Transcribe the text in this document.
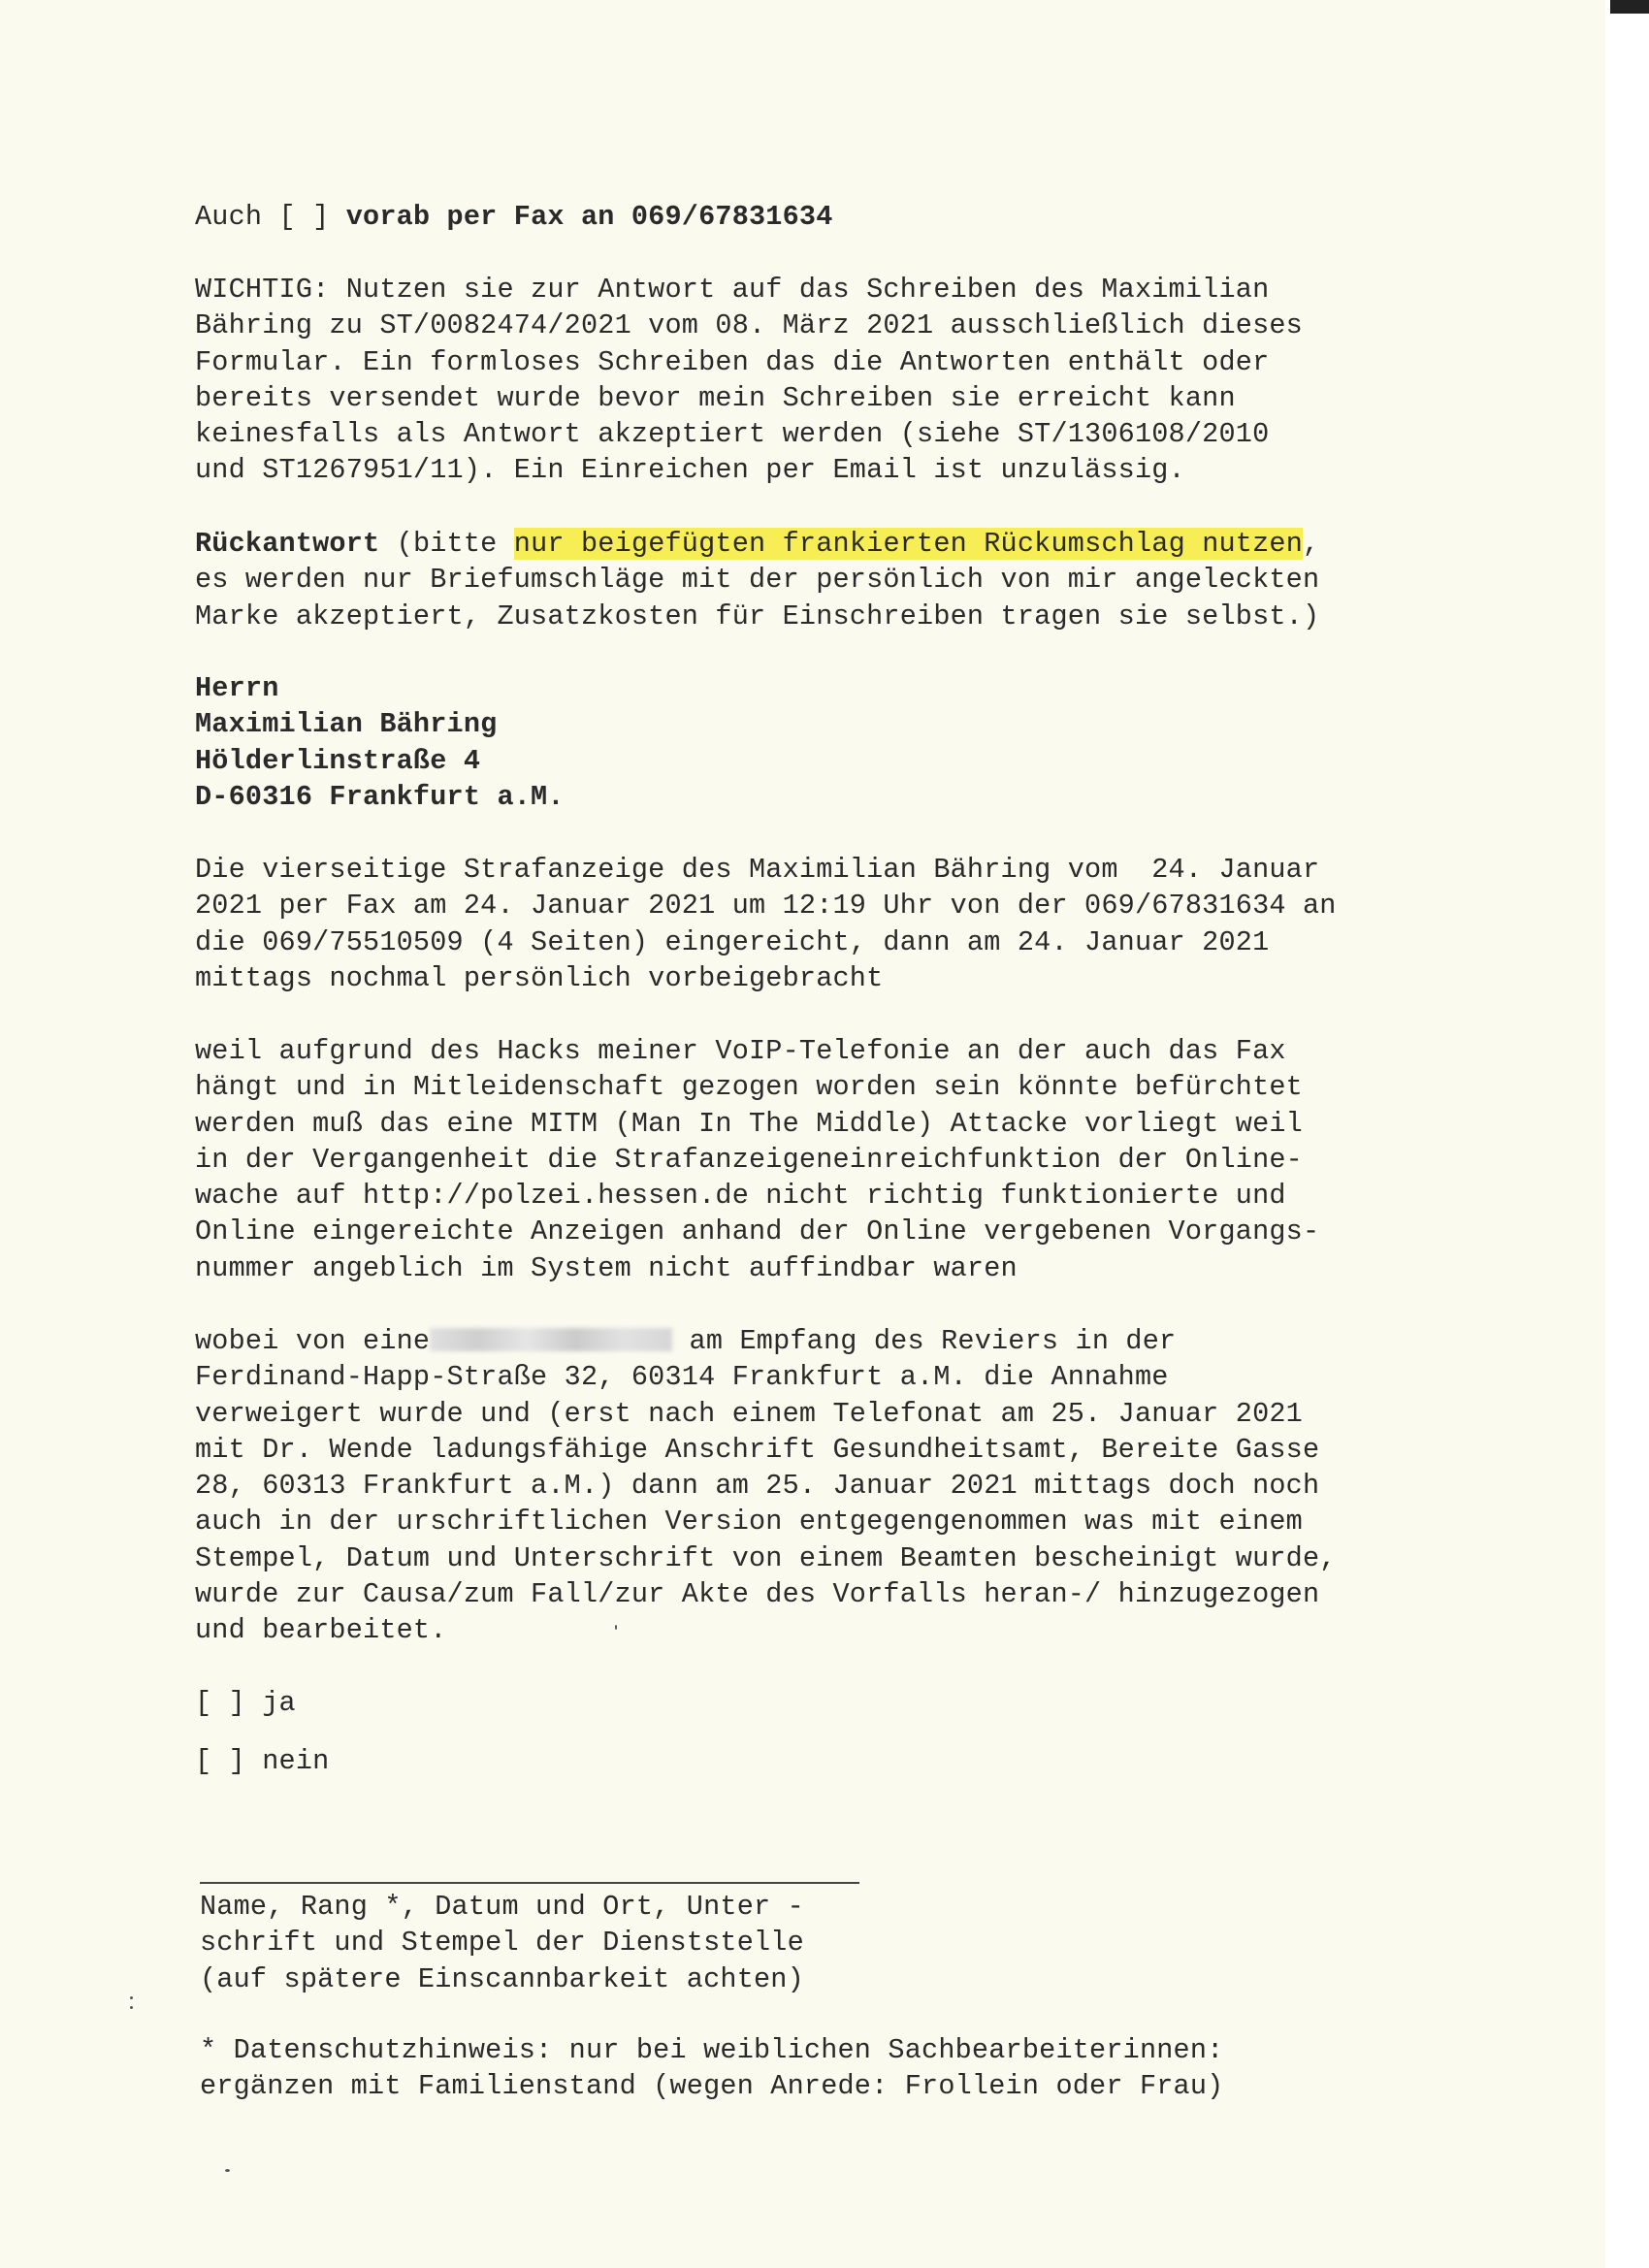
Auch [ ] vorab per Fax an 069/67831634
WICHTIG: Nutzen sie zur Antwort auf das Schreiben des Maximilian
Bähring zu ST/0082474/2021 vom 08. März 2021 ausschließlich dieses
Formular. Ein formloses Schreiben das die Antworten enthält oder
bereits versendet wurde bevor mein Schreiben sie erreicht kann
keinesfalls als Antwort akzeptiert werden (siehe ST/1306108/2010
und ST1267951/11). Ein Einreichen per Email ist unzulässig.
Rückantwort (bitte nur beigefügten frankierten Rückumschlag nutzen,
es werden nur Briefumschläge mit der persönlich von mir angeleckten
Marke akzeptiert, Zusatzkosten für Einschreiben tragen sie selbst.)
Herrn
Maximilian Bähring
Hölderlinstraße 4
D-60316 Frankfurt a.M.
Die vierseitige Strafanzeige des Maximilian Bähring vom  24. Januar
2021 per Fax am 24. Januar 2021 um 12:19 Uhr von der 069/67831634 an
die 069/75510509 (4 Seiten) eingereicht, dann am 24. Januar 2021
mittags nochmal persönlich vorbeigebracht
weil aufgrund des Hacks meiner VoIP-Telefonie an der auch das Fax
hängt und in Mitleidenschaft gezogen worden sein könnte befürchtet
werden muß das eine MITM (Man In The Middle) Attacke vorliegt weil
in der Vergangenheit die Strafanzeigeneinreichfunktion der Online-
wache auf http://polzei.hessen.de nicht richtig funktionierte und
Online eingereichte Anzeigen anhand der Online vergebenen Vorgangs-
nummer angeblich im System nicht auffindbar waren
wobei von eine	am Empfang des Reviers in der
Ferdinand-Happ-Straße 32, 60314 Frankfurt a.M. die Annahme
verweigert wurde und (erst nach einem Telefonat am 25. Januar 2021
mit Dr. Wende ladungsfähige Anschrift Gesundheitsamt, Bereite Gasse
28, 60313 Frankfurt a.M.) dann am 25. Januar 2021 mittags doch noch
auch in der urschriftlichen Version entgegengenommen was mit einem
Stempel, Datum und Unterschrift von einem Beamten bescheinigt wurde,
wurde zur Causa/zum Fall/zur Akte des Vorfalls heran-/ hinzugezogen
und bearbeitet.
[ ] ja
[ ] nein
Name, Rang *, Datum und Ort, Unter -
schrift und Stempel der Dienststelle
(auf spätere Einscannbarkeit achten)
* Datenschutzhinweis: nur bei weiblichen Sachbearbeiterinnen:
ergänzen mit Familienstand (wegen Anrede: Frollein oder Frau)
